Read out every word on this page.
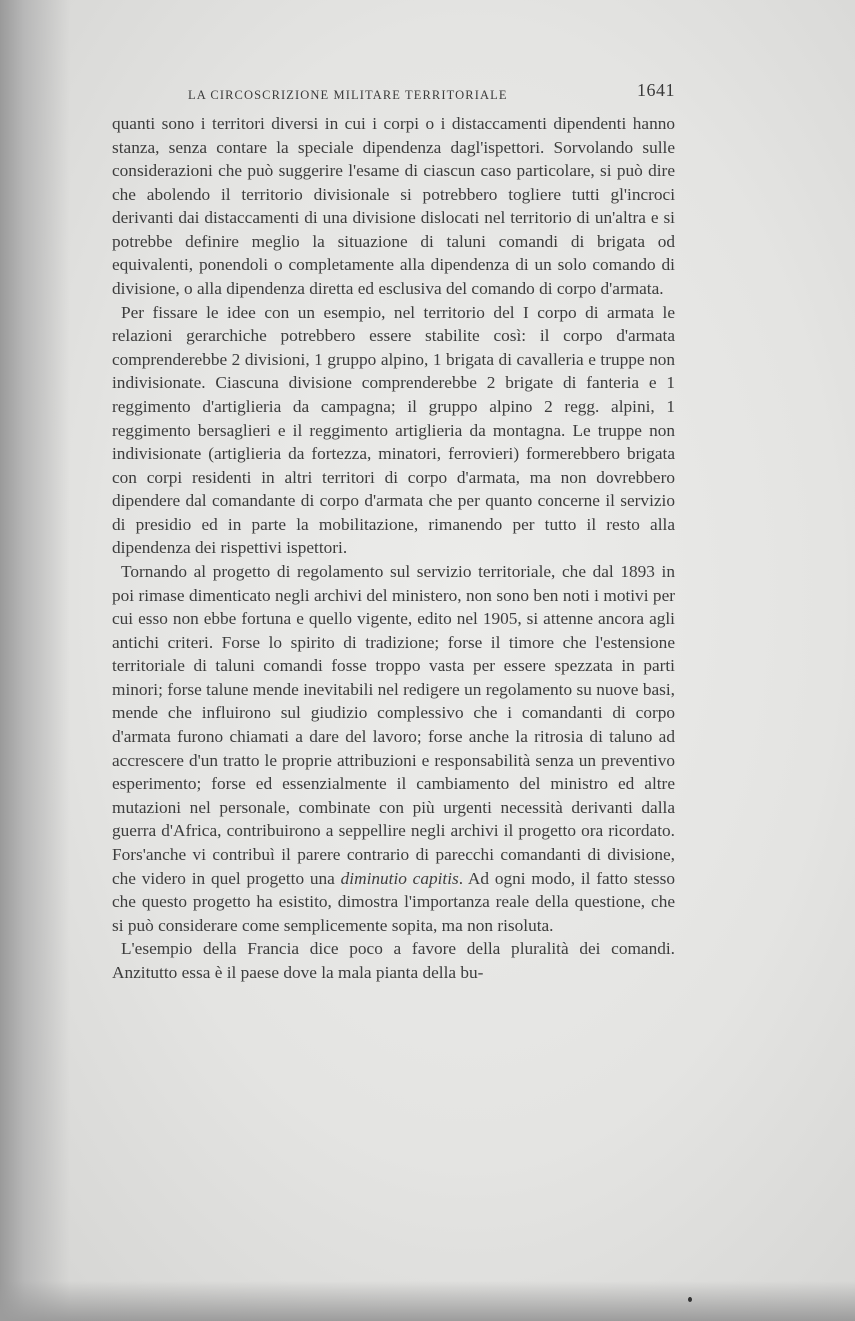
LA CIRCOSCRIZIONE MILITARE TERRITORIALE	1641

quanti sono i territori diversi in cui i corpi o i distaccamenti dipendenti hanno stanza, senza contare la speciale dipendenza dagl'ispettori. Sorvolando sulle considerazioni che può suggerire l'esame di ciascun caso particolare, si può dire che abolendo il territorio divisionale si potrebbero togliere tutti gl'incroci derivanti dai distaccamenti di una divisione dislocati nel territorio di un'altra e si potrebbe definire meglio la situazione di taluni comandi di brigata od equivalenti, ponendoli o completamente alla dipendenza di un solo comando di divisione, o alla dipendenza diretta ed esclusiva del comando di corpo d'armata.

Per fissare le idee con un esempio, nel territorio del I corpo di armata le relazioni gerarchiche potrebbero essere stabilite così: il corpo d'armata comprenderebbe 2 divisioni, 1 gruppo alpino, 1 brigata di cavalleria e truppe non indivisionate. Ciascuna divisione comprenderebbe 2 brigate di fanteria e 1 reggimento d'artiglieria da campagna; il gruppo alpino 2 regg. alpini, 1 reggimento bersaglieri e il reggimento artiglieria da montagna. Le truppe non indivisionate (artiglieria da fortezza, minatori, ferrovieri) formerebbero brigata con corpi residenti in altri territori di corpo d'armata, ma non dovrebbero dipendere dal comandante di corpo d'armata che per quanto concerne il servizio di presidio ed in parte la mobilitazione, rimanendo per tutto il resto alla dipendenza dei rispettivi ispettori.

Tornando al progetto di regolamento sul servizio territoriale, che dal 1893 in poi rimase dimenticato negli archivi del ministero, non sono ben noti i motivi per cui esso non ebbe fortuna e quello vigente, edito nel 1905, si attenne ancora agli antichi criteri. Forse lo spirito di tradizione; forse il timore che l'estensione territoriale di taluni comandi fosse troppo vasta per essere spezzata in parti minori; forse talune mende inevitabili nel redigere un regolamento su nuove basi, mende che influirono sul giudizio complessivo che i comandanti di corpo d'armata furono chiamati a dare del lavoro; forse anche la ritrosia di taluno ad accrescere d'un tratto le proprie attribuzioni e responsabilità senza un preventivo esperimento; forse ed essenzialmente il cambiamento del ministro ed altre mutazioni nel personale, combinate con più urgenti necessità derivanti dalla guerra d'Africa, contribuirono a seppellire negli archivi il progetto ora ricordato. Fors'anche vi contribuì il parere contrario di parecchi comandanti di divisione, che videro in quel progetto una diminutio capitis. Ad ogni modo, il fatto stesso che questo progetto ha esistito, dimostra l'importanza reale della questione, che si può considerare come semplicemente sopita, ma non risoluta.

L'esempio della Francia dice poco a favore della pluralità dei comandi. Anzitutto essa è il paese dove la mala pianta della bu-
